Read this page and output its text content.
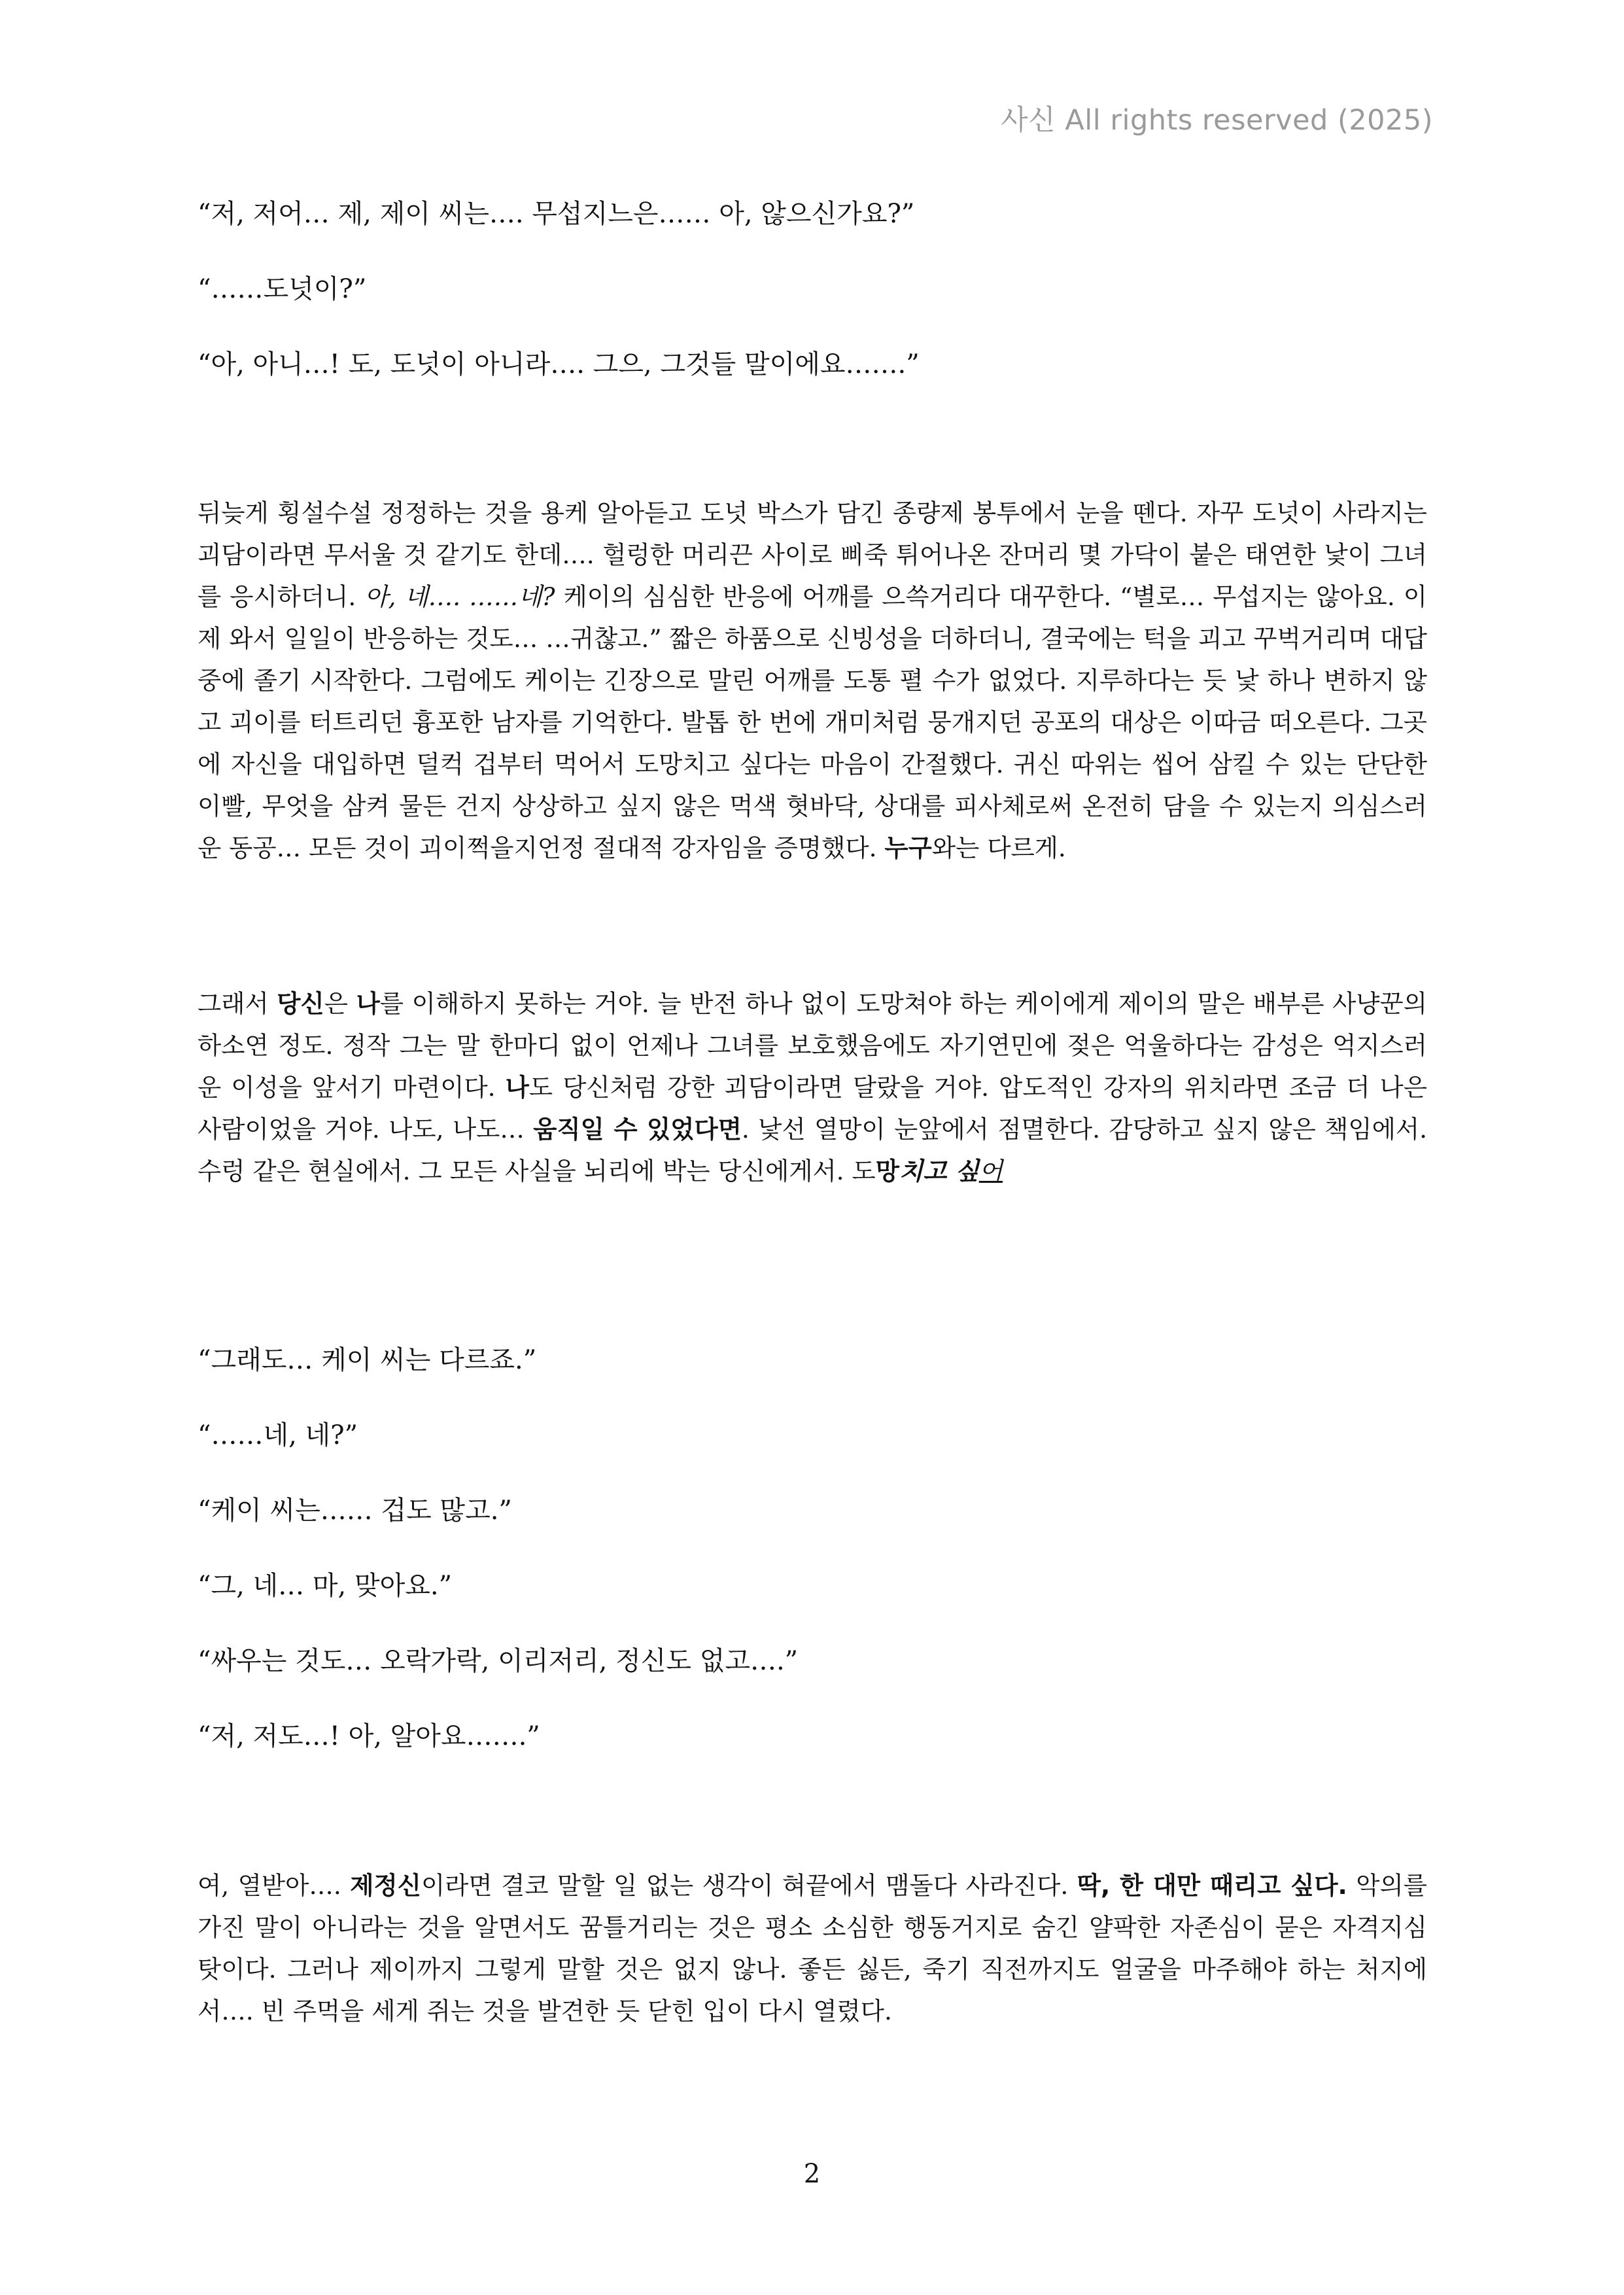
사신 All rights reserved (2025)
“저, 저어… 제, 제이 씨는…. 무섭지느은…… 아, 않으신가요?”
“……도넛이?”
“아, 아니…! 도, 도넛이 아니라…. 그으, 그것들 말이에요…….”
뒤늦게 횡설수설 정정하는 것을 용케 알아듣고 도넛 박스가 담긴 종량제 봉투에서 눈을 뗀다. 자꾸 도넛이 사라지는 괴담이라면 무서울 것 같기도 한데…. 헐렁한 머리끈 사이로 삐죽 튀어나온 잔머리 몇 가닥이 붙은 태연한 낯이 그녀를 응시하더니. 아, 네…. ……네? 케이의 심심한 반응에 어깨를 으쓱거리다 대꾸한다. “별로… 무섭지는 않아요. 이제 와서 일일이 반응하는 것도… …귀찮고.” 짧은 하품으로 신빙성을 더하더니, 결국에는 턱을 괴고 꾸벅거리며 대답 중에 졸기 시작한다. 그럼에도 케이는 긴장으로 말린 어깨를 도통 펼 수가 없었다. 지루하다는 듯 낯 하나 변하지 않고 괴이를 터트리던 흉포한 남자를 기억한다. 발톱 한 번에 개미처럼 뭉개지던 공포의 대상은 이따금 떠오른다. 그곳에 자신을 대입하면 덜컥 겁부터 먹어서 도망치고 싶다는 마음이 간절했다. 귀신 따위는 씹어 삼킬 수 있는 단단한 이빨, 무엇을 삼켜 물든 건지 상상하고 싶지 않은 먹색 혓바닥, 상대를 피사체로써 온전히 담을 수 있는지 의심스러운 동공… 모든 것이 괴이쩍을지언정 절대적 강자임을 증명했다. 누구와는 다르게.
그래서 당신은 나를 이해하지 못하는 거야. 늘 반전 하나 없이 도망쳐야 하는 케이에게 제이의 말은 배부른 사냥꾼의 하소연 정도. 정작 그는 말 한마디 없이 언제나 그녀를 보호했음에도 자기연민에 젖은 억울하다는 감성은 억지스러운 이성을 앞서기 마련이다. 나도 당신처럼 강한 괴담이라면 달랐을 거야. 압도적인 강자의 위치라면 조금 더 나은 사람이었을 거야. 나도, 나도… 움직일 수 있었다면. 낯선 열망이 눈앞에서 점멸한다. 감당하고 싶지 않은 책임에서. 수렁 같은 현실에서. 그 모든 사실을 뇌리에 박는 당신에게서. 도망치고 싶어
“그래도… 케이 씨는 다르죠.”
“……네, 네?”
“케이 씨는…… 겁도 많고.”
“그, 네… 마, 맞아요.”
“싸우는 것도… 오락가락, 이리저리, 정신도 없고….”
“저, 저도…! 아, 알아요…….”
여, 열받아…. 제정신이라면 결코 말할 일 없는 생각이 혀끝에서 맴돌다 사라진다. 딱, 한 대만 때리고 싶다. 악의를 가진 말이 아니라는 것을 알면서도 꿈틀거리는 것은 평소 소심한 행동거지로 숨긴 얄팍한 자존심이 묻은 자격지심 탓이다. 그러나 제이까지 그렇게 말할 것은 없지 않나. 좋든 싫든, 죽기 직전까지도 얼굴을 마주해야 하는 처지에서…. 빈 주먹을 세게 쥐는 것을 발견한 듯 닫힌 입이 다시 열렸다.
2
